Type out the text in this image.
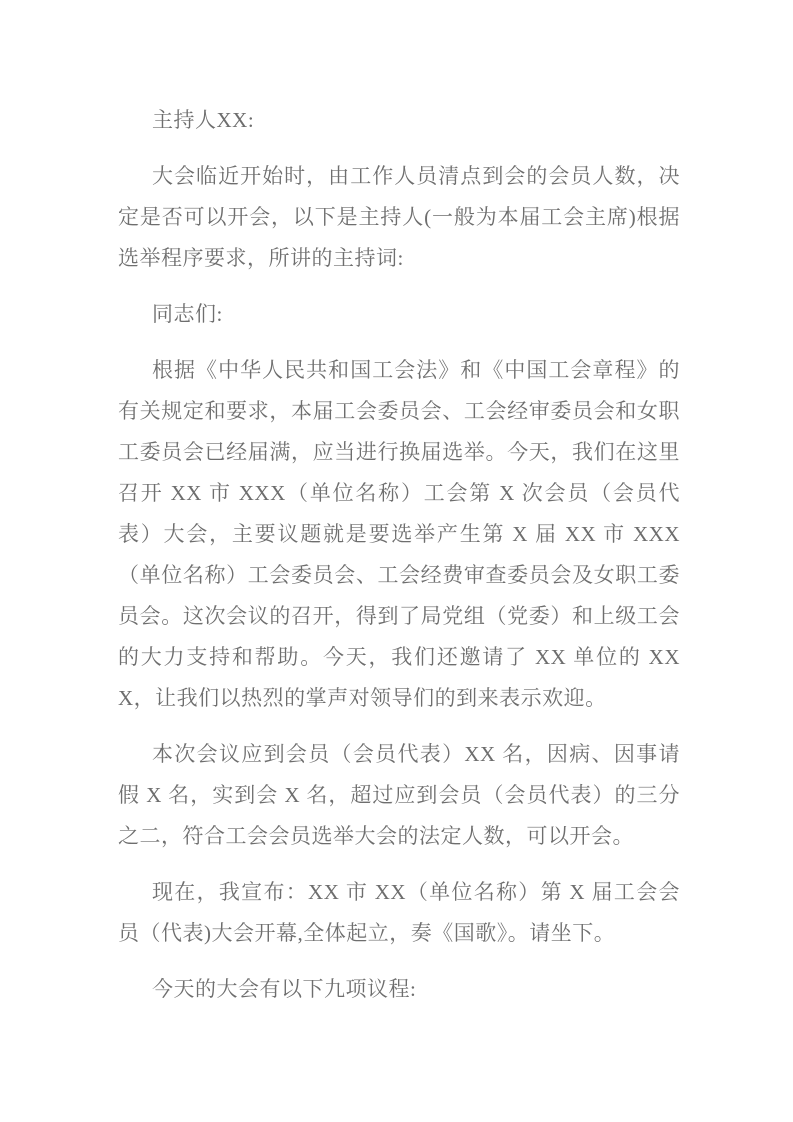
主持人XX:

大会临近开始时，由工作人员清点到会的会员人数，决定是否可以开会，以下是主持人(一般为本届工会主席)根据选举程序要求，所讲的主持词:

同志们:

根据《中华人民共和国工会法》和《中国工会章程》的有关规定和要求，本届工会委员会、工会经审委员会和女职工委员会已经届满，应当进行换届选举。今天，我们在这里召开 XX 市 XXX（单位名称）工会第 X 次会员（会员代表）大会，主要议题就是要选举产生第 X 届 XX 市 XXX（单位名称）工会委员会、工会经费审查委员会及女职工委员会。这次会议的召开，得到了局党组（党委）和上级工会的大力支持和帮助。今天，我们还邀请了 XX 单位的 XXX，让我们以热烈的掌声对领导们的到来表示欢迎。

本次会议应到会员（会员代表）XX 名，因病、因事请假 X 名，实到会 X 名，超过应到会员（会员代表）的三分之二，符合工会会员选举大会的法定人数，可以开会。

现在，我宣布：XX 市 XX（单位名称）第 X 届工会会员（代表)大会开幕,全体起立，奏《国歌》。请坐下。

今天的大会有以下九项议程:
